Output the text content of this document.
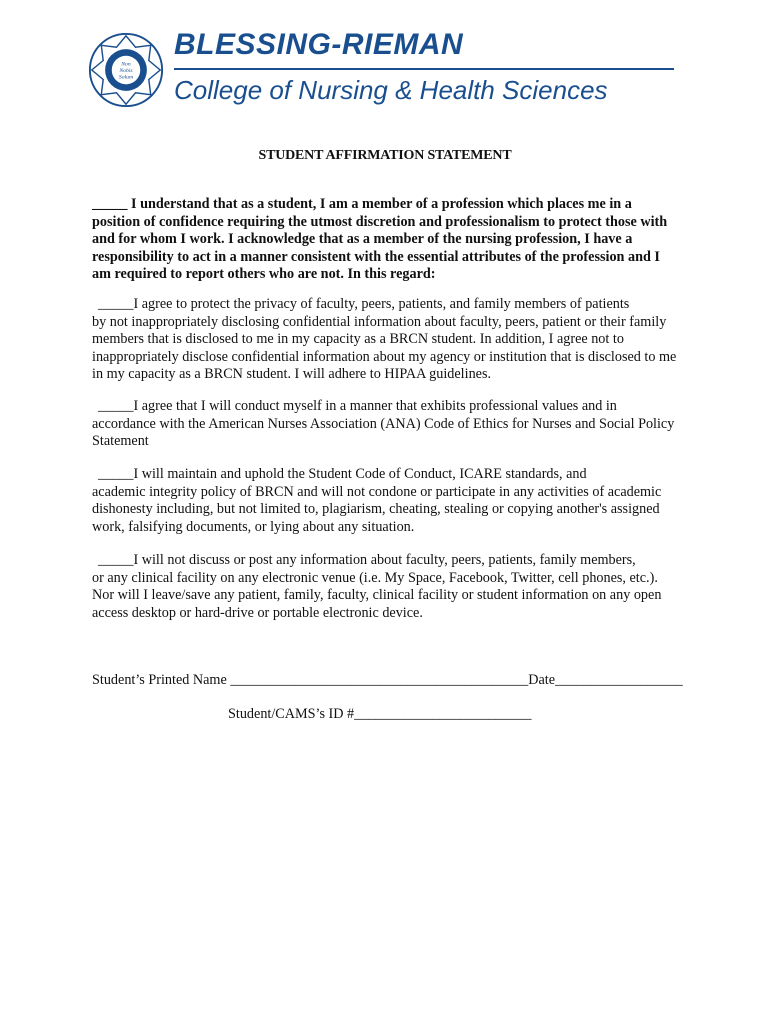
Non
Nobis
Solum
BLESSING-RIEMAN
College of Nursing & Health Sciences
STUDENT AFFIRMATION STATEMENT
_____ I understand that as a student, I am a member of a profession which places me in a position of confidence requiring the utmost discretion and professionalism to protect those with and for whom I work. I acknowledge that as a member of the nursing profession, I have a responsibility to act in a manner consistent with the essential attributes of the profession and I am required to report others who are not. In this regard:
_____I agree to protect the privacy of faculty, peers, patients, and family members of patients
by not inappropriately disclosing confidential information about faculty, peers, patient or their family members that is disclosed to me in my capacity as a BRCN student. In addition, I agree not to inappropriately disclose confidential information about my agency or institution that is disclosed to me in my capacity as a BRCN student. I will adhere to HIPAA guidelines.
_____I agree that I will conduct myself in a manner that exhibits professional values and in
accordance with the American Nurses Association (ANA) Code of Ethics for Nurses and Social Policy Statement
_____I will maintain and uphold the Student Code of Conduct, ICARE standards, and
academic integrity policy of BRCN and will not condone or participate in any activities of academic dishonesty including, but not limited to, plagiarism, cheating, stealing or copying another's assigned work, falsifying documents, or lying about any situation.
_____I will not discuss or post any information about faculty, peers, patients, family members,
or any clinical facility on any electronic venue (i.e. My Space, Facebook, Twitter, cell phones, etc.). Nor will I leave/save any patient, family, faculty, clinical facility or student information on any open access desktop or hard-drive or portable electronic device.
Student’s Printed Name __________________________________________Date__________________
Student/CAMS’s ID #_________________________
